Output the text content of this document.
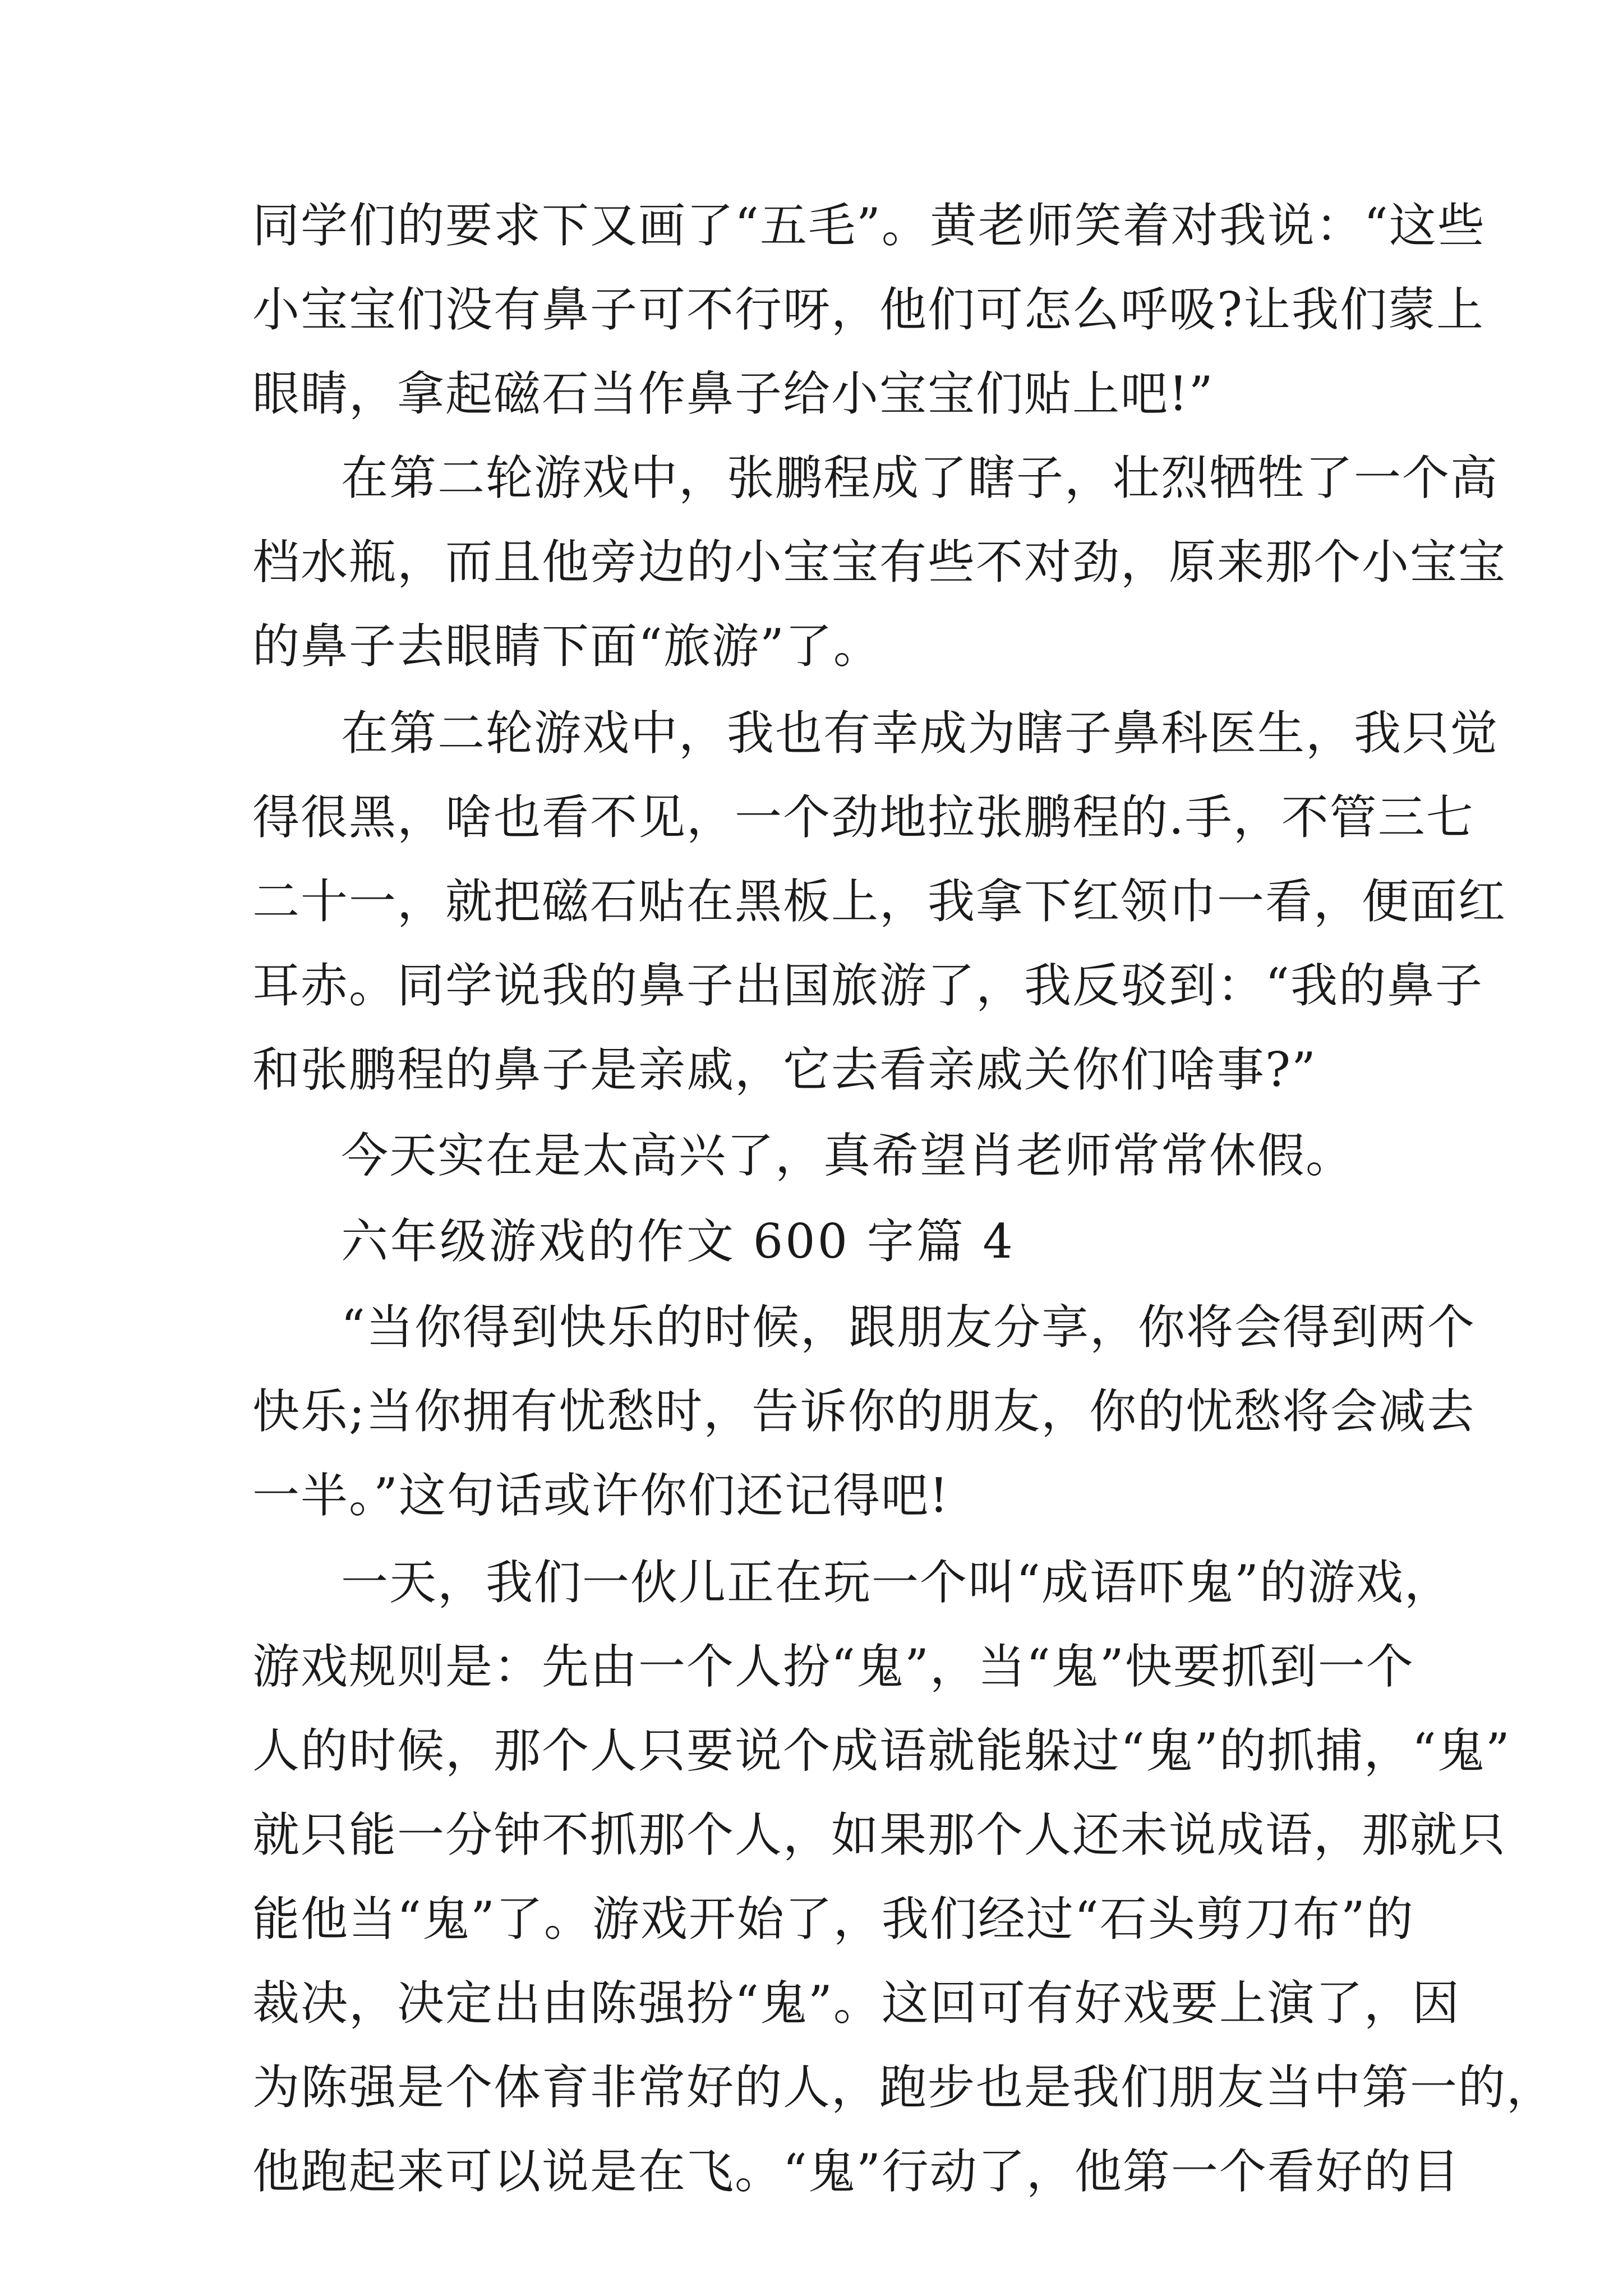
同学们的要求下又画了“五毛”。黄老师笑着对我说：“这些
小宝宝们没有鼻子可不行呀，他们可怎么呼吸?让我们蒙上
眼睛，拿起磁石当作鼻子给小宝宝们贴上吧!”
在第二轮游戏中，张鹏程成了瞎子，壮烈牺牲了一个高
档水瓶，而且他旁边的小宝宝有些不对劲，原来那个小宝宝
的鼻子去眼睛下面“旅游”了。
在第二轮游戏中，我也有幸成为瞎子鼻科医生，我只觉
得很黑，啥也看不见，一个劲地拉张鹏程的.手，不管三七
二十一，就把磁石贴在黑板上，我拿下红领巾一看，便面红
耳赤。同学说我的鼻子出国旅游了，我反驳到：“我的鼻子
和张鹏程的鼻子是亲戚，它去看亲戚关你们啥事?”
今天实在是太高兴了，真希望肖老师常常休假。
六年级游戏的作文 600 字篇 4
“当你得到快乐的时候，跟朋友分享，你将会得到两个
快乐;当你拥有忧愁时，告诉你的朋友，你的忧愁将会减去
一半。”这句话或许你们还记得吧!
一天，我们一伙儿正在玩一个叫“成语吓鬼”的游戏，
游戏规则是：先由一个人扮“鬼”，当“鬼”快要抓到一个
人的时候，那个人只要说个成语就能躲过“鬼”的抓捕，“鬼”
就只能一分钟不抓那个人，如果那个人还未说成语，那就只
能他当“鬼”了。游戏开始了，我们经过“石头剪刀布”的
裁决，决定出由陈强扮“鬼”。这回可有好戏要上演了，因
为陈强是个体育非常好的人，跑步也是我们朋友当中第一的，
他跑起来可以说是在飞。“鬼”行动了，他第一个看好的目
